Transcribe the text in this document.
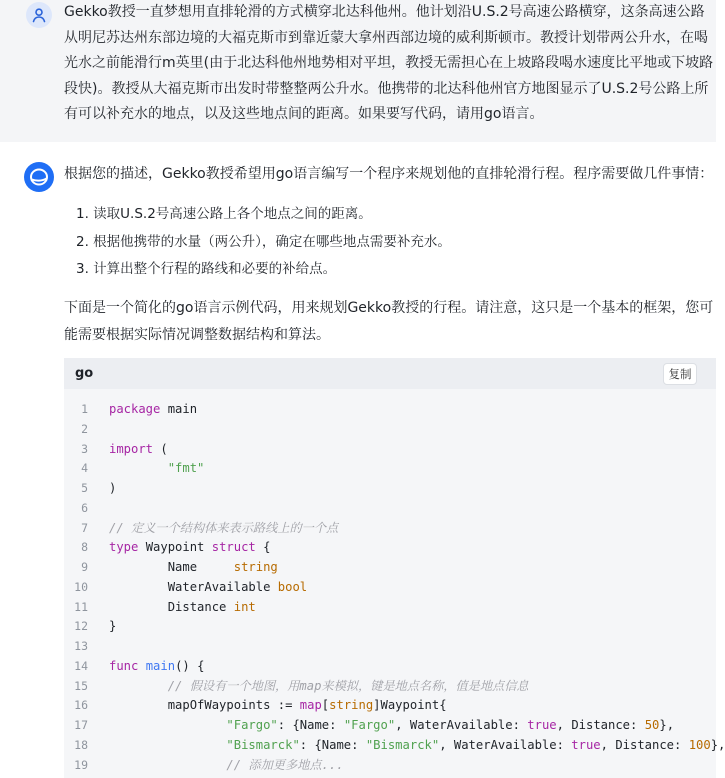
Gekko教授一直梦想用直排轮滑的方式横穿北达科他州。他计划沿U.S.2号高速公路横穿，这条高速公路从明尼苏达州东部边境的大福克斯市到靠近蒙大拿州西部边境的威利斯顿市。教授计划带两公升水，在喝光水之前能滑行m英里(由于北达科他州地势相对平坦，教授无需担心在上坡路段喝水速度比平地或下坡路段快)。教授从大福克斯市出发时带整整两公升水。他携带的北达科他州官方地图显示了U.S.2号公路上所有可以补充水的地点，以及这些地点间的距离。如果要写代码，请用go语言。

根据您的描述，Gekko教授希望用go语言编写一个程序来规划他的直排轮滑行程。程序需要做几件事情：

1. 读取U.S.2号高速公路上各个地点之间的距离。
2. 根据他携带的水量（两公升），确定在哪些地点需要补充水。
3. 计算出整个行程的路线和必要的补给点。

下面是一个简化的go语言示例代码，用来规划Gekko教授的行程。请注意，这只是一个基本的框架，您可能需要根据实际情况调整数据结构和算法。

go	复制
1 package main
2
3 import (
4	"fmt"
5 )
6
7 // 定义一个结构体来表示路线上的一个点
8 type Waypoint struct {
9 Name     string
10 WaterAvailable bool
11 Distance int
12 }
13
14 func main() {
15 // 假设有一个地图，用map来模拟，键是地点名称，值是地点信息
16 mapOfWaypoints := map[string]Waypoint{
17	"Fargo": {Name: "Fargo", WaterAvailable: true, Distance: 50},
18	"Bismarck": {Name: "Bismarck", WaterAvailable: true, Distance: 100},
19 // 添加更多地点...
